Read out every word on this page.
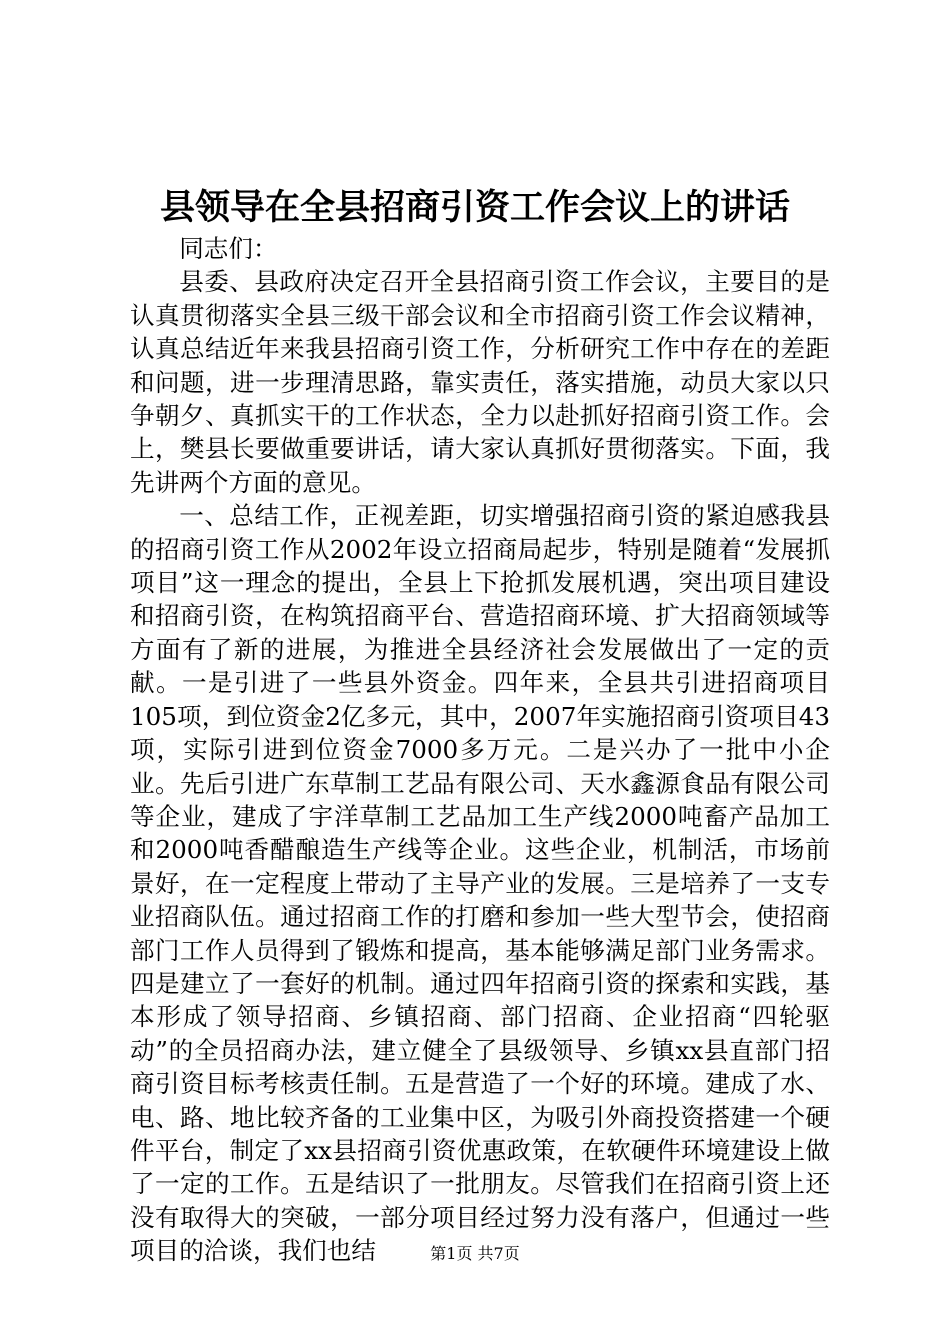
县领导在全县招商引资工作会议上的讲话

同志们：

县委、县政府决定召开全县招商引资工作会议，主要目的是认真贯彻落实全县三级干部会议和全市招商引资工作会议精神，认真总结近年来我县招商引资工作，分析研究工作中存在的差距和问题，进一步理清思路，靠实责任，落实措施，动员大家以只争朝夕、真抓实干的工作状态，全力以赴抓好招商引资工作。会上，樊县长要做重要讲话，请大家认真抓好贯彻落实。下面，我先讲两个方面的意见。

一、总结工作，正视差距，切实增强招商引资的紧迫感我县的招商引资工作从2002年设立招商局起步，特别是随着“发展抓项目”这一理念的提出，全县上下抢抓发展机遇，突出项目建设和招商引资，在构筑招商平台、营造招商环境、扩大招商领域等方面有了新的进展，为推进全县经济社会发展做出了一定的贡献。一是引进了一些县外资金。四年来，全县共引进招商项目105项，到位资金2亿多元，其中，2007年实施招商引资项目43项，实际引进到位资金7000多万元。二是兴办了一批中小企业。先后引进广东草制工艺品有限公司、天水鑫源食品有限公司等企业，建成了宇洋草制工艺品加工生产线2000吨畜产品加工和2000吨香醋酿造生产线等企业。这些企业，机制活，市场前景好，在一定程度上带动了主导产业的发展。三是培养了一支专业招商队伍。通过招商工作的打磨和参加一些大型节会，使招商部门工作人员得到了锻炼和提高，基本能够满足部门业务需求。四是建立了一套好的机制。通过四年招商引资的探索和实践，基本形成了领导招商、乡镇招商、部门招商、企业招商“四轮驱动”的全员招商办法，建立健全了县级领导、乡镇xx县直部门招商引资目标考核责任制。五是营造了一个好的环境。建成了水、电、路、地比较齐备的工业集中区，为吸引外商投资搭建一个硬件平台，制定了xx县招商引资优惠政策，在软硬件环境建设上做了一定的工作。五是结识了一批朋友。尽管我们在招商引资上还没有取得大的突破，一部分项目经过努力没有落户，但通过一些项目的洽谈，我们也结	第1页 共7页
